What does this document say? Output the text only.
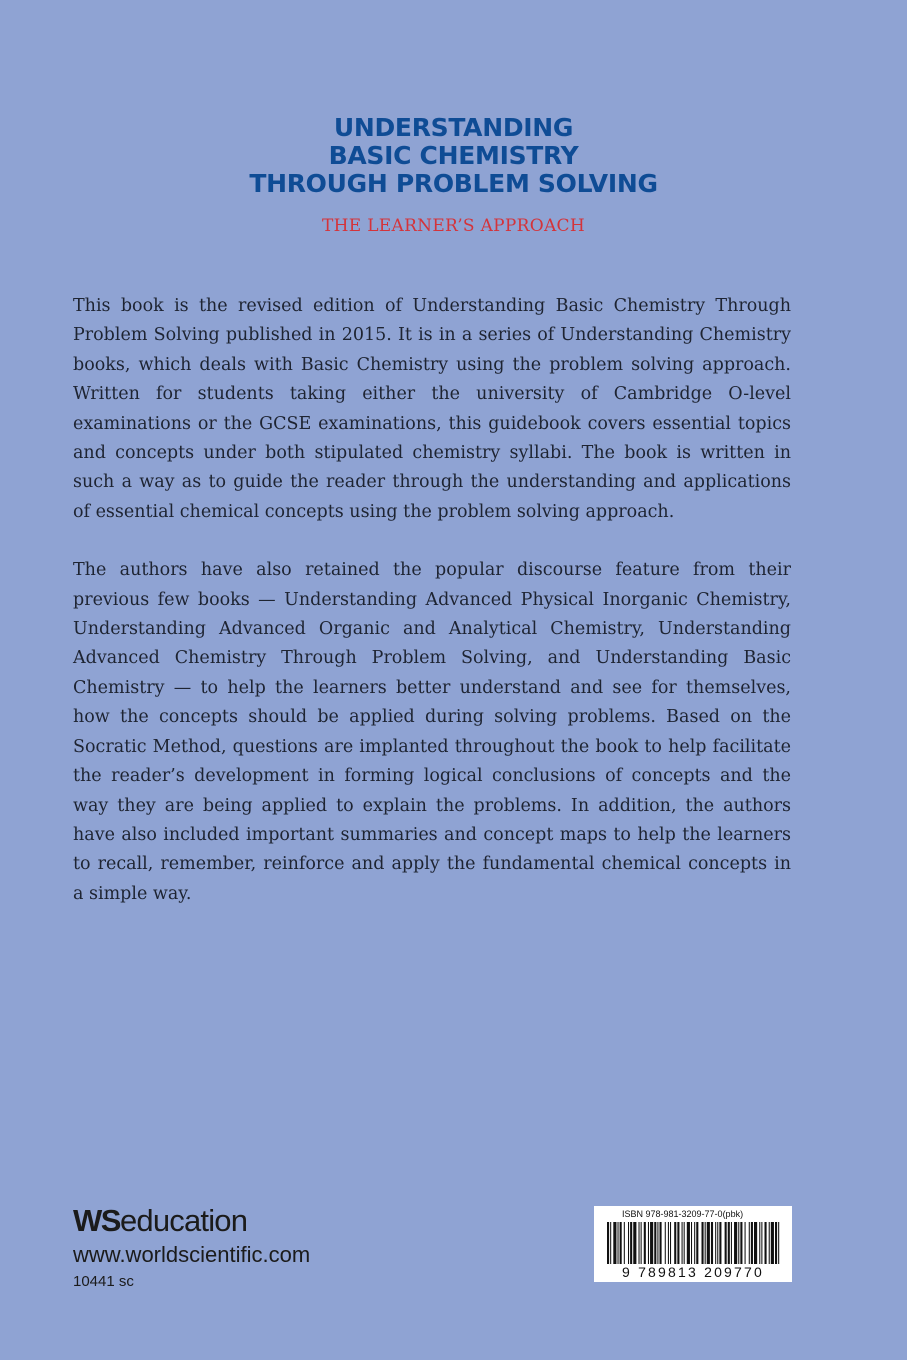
UNDERSTANDING
BASIC CHEMISTRY
THROUGH PROBLEM SOLVING
THE LEARNER’S APPROACH

This book is the revised edition of Understanding Basic Chemistry Through Problem Solving published in 2015. It is in a series of Understanding Chemistry books, which deals with Basic Chemistry using the problem solving approach. Written for students taking either the university of Cambridge O-level examinations or the GCSE examinations, this guidebook covers essential topics and concepts under both stipulated chemistry syllabi. The book is written in such a way as to guide the reader through the understanding and applications of essential chemical concepts using the problem solving approach.

The authors have also retained the popular discourse feature from their previous few books — Understanding Advanced Physical Inorganic Chemistry, Understanding Advanced Organic and Analytical Chemistry, Understanding Advanced Chemistry Through Problem Solving, and Understanding Basic Chemistry — to help the learners better understand and see for themselves, how the concepts should be applied during solving problems. Based on the Socratic Method, questions are implanted throughout the book to help facilitate the reader’s development in forming logical conclusions of concepts and the way they are being applied to explain the problems. In addition, the authors have also included important summaries and concept maps to help the learners to recall, remember, reinforce and apply the fundamental chemical concepts in a simple way.

WSeducation
www.worldscientific.com
10441 sc
ISBN 978-981-3209-77-0(pbk)
9 789813 209770
